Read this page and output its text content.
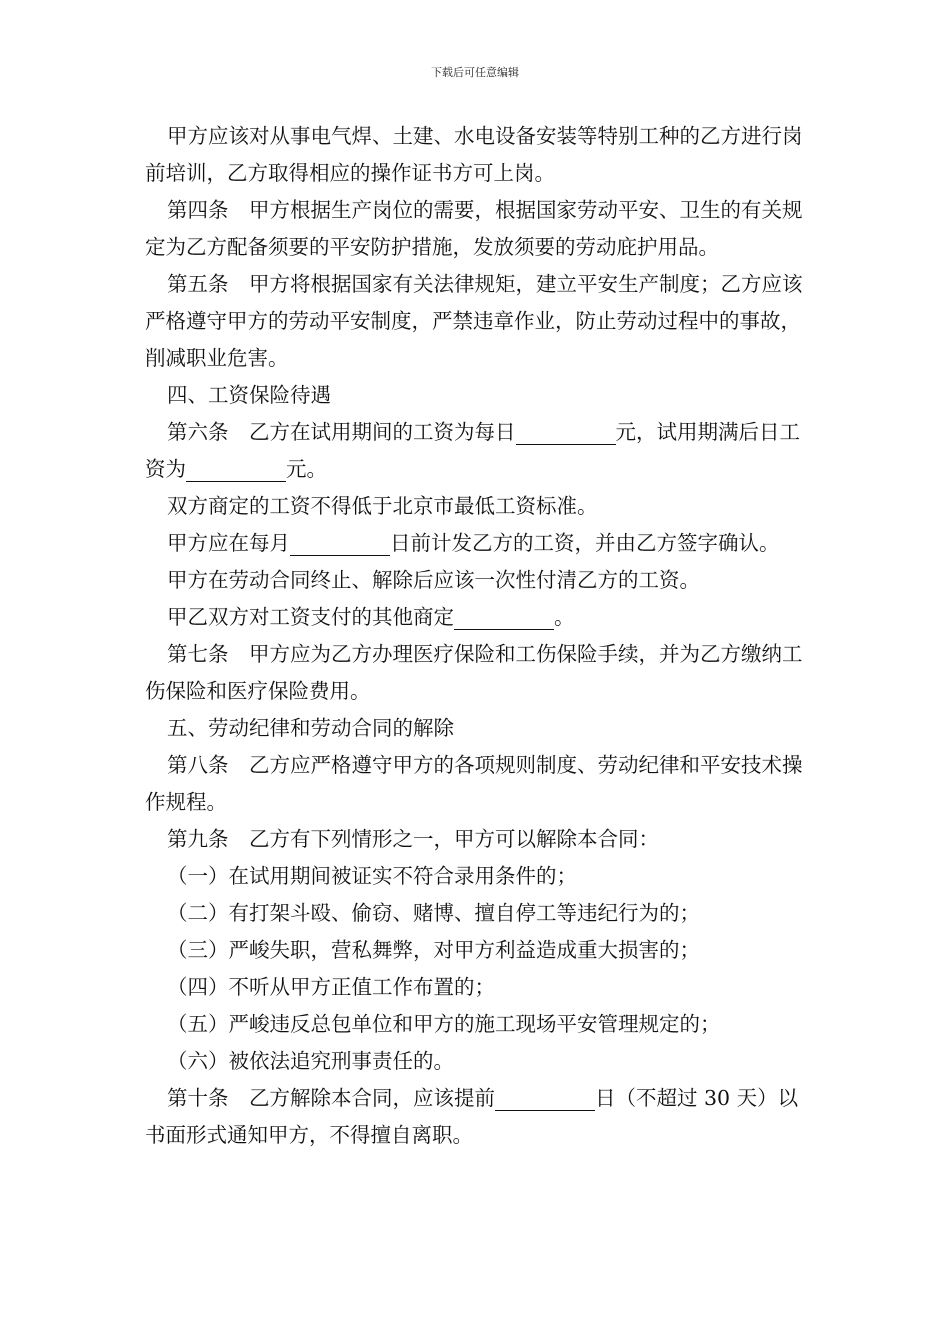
下载后可任意编辑

甲方应该对从事电气焊、土建、水电设备安装等特别工种的乙方进行岗前培训，乙方取得相应的操作证书方可上岗。

第四条　甲方根据生产岗位的需要，根据国家劳动平安、卫生的有关规定为乙方配备须要的平安防护措施，发放须要的劳动庇护用品。

第五条　甲方将根据国家有关法律规矩，建立平安生产制度；乙方应该严格遵守甲方的劳动平安制度，严禁违章作业，防止劳动过程中的事故，削减职业危害。

四、工资保险待遇

第六条　乙方在试用期间的工资为每日	元，试用期满后日工资为	元。

双方商定的工资不得低于北京市最低工资标准。

甲方应在每月	日前计发乙方的工资，并由乙方签字确认。

甲方在劳动合同终止、解除后应该一次性付清乙方的工资。

甲乙双方对工资支付的其他商定	。

第七条　甲方应为乙方办理医疗保险和工伤保险手续，并为乙方缴纳工伤保险和医疗保险费用。

五、劳动纪律和劳动合同的解除

第八条　乙方应严格遵守甲方的各项规则制度、劳动纪律和平安技术操作规程。

第九条　乙方有下列情形之一，甲方可以解除本合同：

（一）在试用期间被证实不符合录用条件的；

（二）有打架斗殴、偷窃、赌博、擅自停工等违纪行为的；

（三）严峻失职，营私舞弊，对甲方利益造成重大损害的；

（四）不听从甲方正值工作布置的；

（五）严峻违反总包单位和甲方的施工现场平安管理规定的；

（六）被依法追究刑事责任的。

第十条　乙方解除本合同，应该提前	日（不超过 30 天）以书面形式通知甲方，不得擅自离职。
